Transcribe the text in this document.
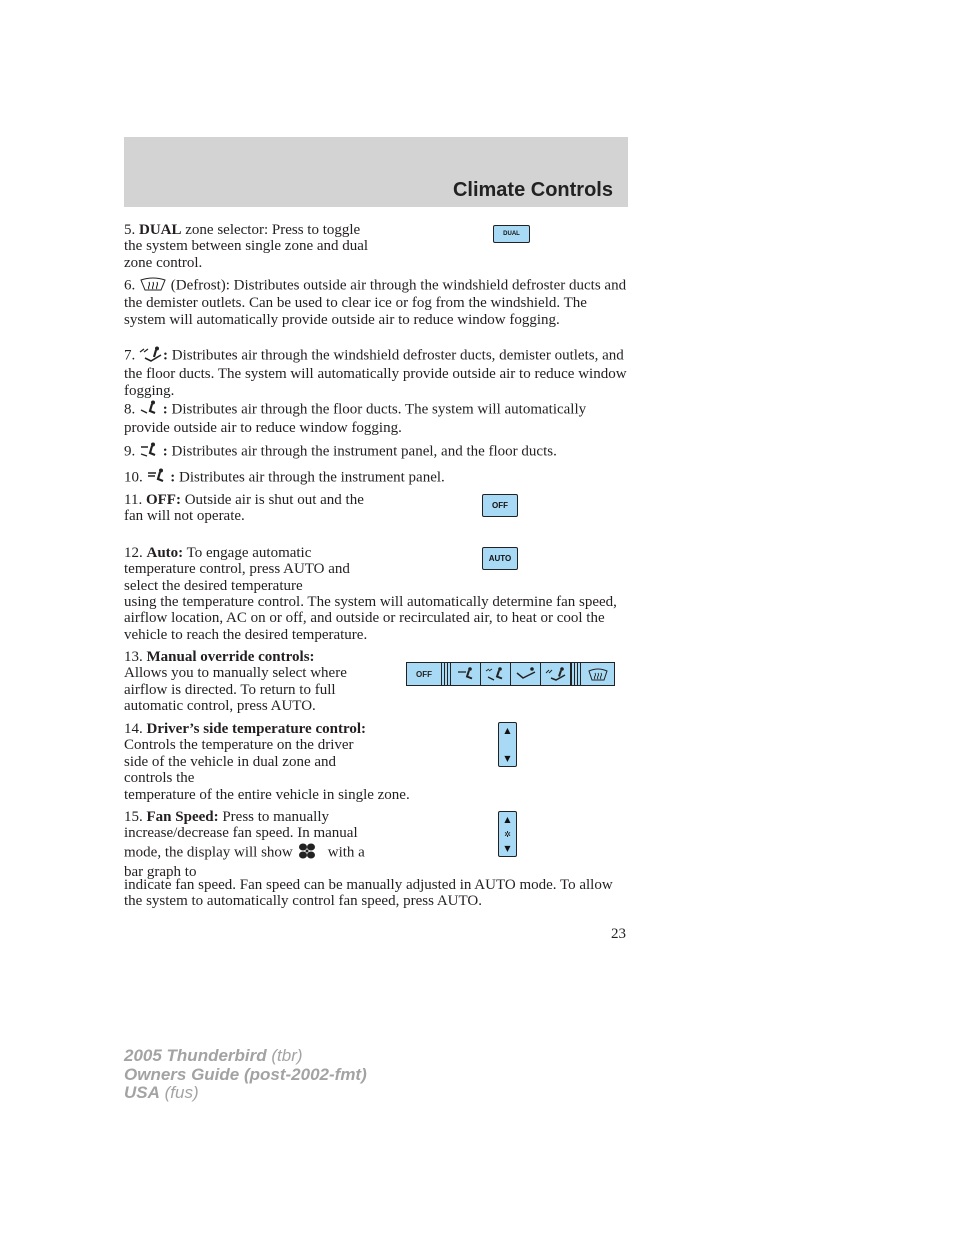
Climate Controls

5. DUAL zone selector: Press to toggle the system between single zone and dual zone control.

DUAL

6. (Defrost): Distributes outside air through the windshield defroster ducts and the demister outlets. Can be used to clear ice or fog from the windshield. The system will automatically provide outside air to reduce window fogging.

7. : Distributes air through the windshield defroster ducts, demister outlets, and the floor ducts. The system will automatically provide outside air to reduce window fogging.

8. : Distributes air through the floor ducts. The system will automatically provide outside air to reduce window fogging.

9. : Distributes air through the instrument panel, and the floor ducts.

10. : Distributes air through the instrument panel.

11. OFF: Outside air is shut out and the fan will not operate.

OFF

12. Auto: To engage automatic temperature control, press AUTO and select the desired temperature

using the temperature control. The system will automatically determine fan speed, airflow location, AC on or off, and outside or recirculated air, to heat or cool the vehicle to reach the desired temperature.

AUTO

13. Manual override controls:
Allows you to manually select where airflow is directed. To return to full automatic control, press AUTO.

OFF

14. Driver’s side temperature control: Controls the temperature on the driver side of the vehicle in dual zone and controls the

temperature of the entire vehicle in single zone.

▲
▼

15. Fan Speed: Press to manually increase/decrease fan speed. In manual mode, the display will show with a bar graph to

indicate fan speed. Fan speed can be manually adjusted in AUTO mode. To allow the system to automatically control fan speed, press AUTO.

▲
✲
▼
23
2005 Thunderbird (tbr)
Owners Guide (post-2002-fmt)
USA (fus)
